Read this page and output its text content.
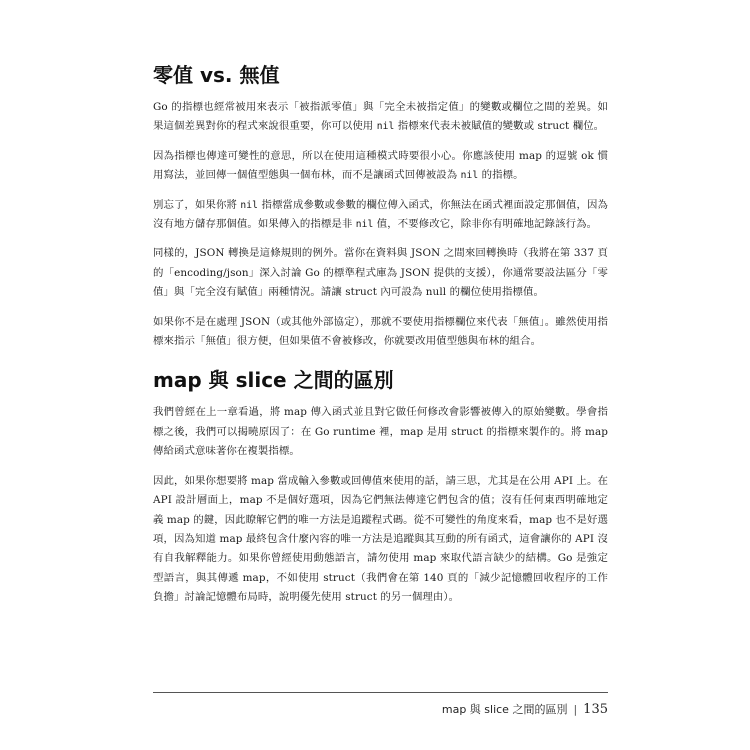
零值 vs. 無值

Go 的指標也經常被用來表示「被指派零值」與「完全未被指定值」的變數或欄位之間的差異。如果這個差異對你的程式來說很重要，你可以使用 nil 指標來代表未被賦值的變數或 struct 欄位。

因為指標也傳達可變性的意思，所以在使用這種模式時要很小心。你應該使用 map 的逗號 ok 慣用寫法，並回傳一個值型態與一個布林，而不是讓函式回傳被設為 nil 的指標。

別忘了，如果你將 nil 指標當成參數或參數的欄位傳入函式，你無法在函式裡面設定那個值，因為沒有地方儲存那個值。如果傳入的指標是非 nil 值，不要修改它，除非你有明確地記錄該行為。

同樣的，JSON 轉換是這條規則的例外。當你在資料與 JSON 之間來回轉換時（我將在第 337 頁的「encoding/json」深入討論 Go 的標準程式庫為 JSON 提供的支援），你通常要設法區分「零值」與「完全沒有賦值」兩種情況。請讓 struct 內可設為 null 的欄位使用指標值。

如果你不是在處理 JSON（或其他外部協定），那就不要使用指標欄位來代表「無值」。雖然使用指標來指示「無值」很方便，但如果值不會被修改，你就要改用值型態與布林的組合。

map 與 slice 之間的區別

我們曾經在上一章看過，將 map 傳入函式並且對它做任何修改會影響被傳入的原始變數。學會指標之後，我們可以揭曉原因了：在 Go runtime 裡，map 是用 struct 的指標來製作的。將 map 傳給函式意味著你在複製指標。

因此，如果你想要將 map 當成輸入參數或回傳值來使用的話，請三思，尤其是在公用 API 上。在 API 設計層面上，map 不是個好選項，因為它們無法傳達它們包含的值；沒有任何東西明確地定義 map 的鍵，因此瞭解它們的唯一方法是追蹤程式碼。從不可變性的角度來看，map 也不是好選項，因為知道 map 最終包含什麼內容的唯一方法是追蹤與其互動的所有函式，這會讓你的 API 沒有自我解釋能力。如果你曾經使用動態語言，請勿使用 map 來取代語言缺少的結構。Go 是強定型語言，與其傳遞 map，不如使用 struct（我們會在第 140 頁的「減少記憶體回收程序的工作負擔」討論記憶體布局時，說明優先使用 struct 的另一個理由）。

map 與 slice 之間的區別 | 135
